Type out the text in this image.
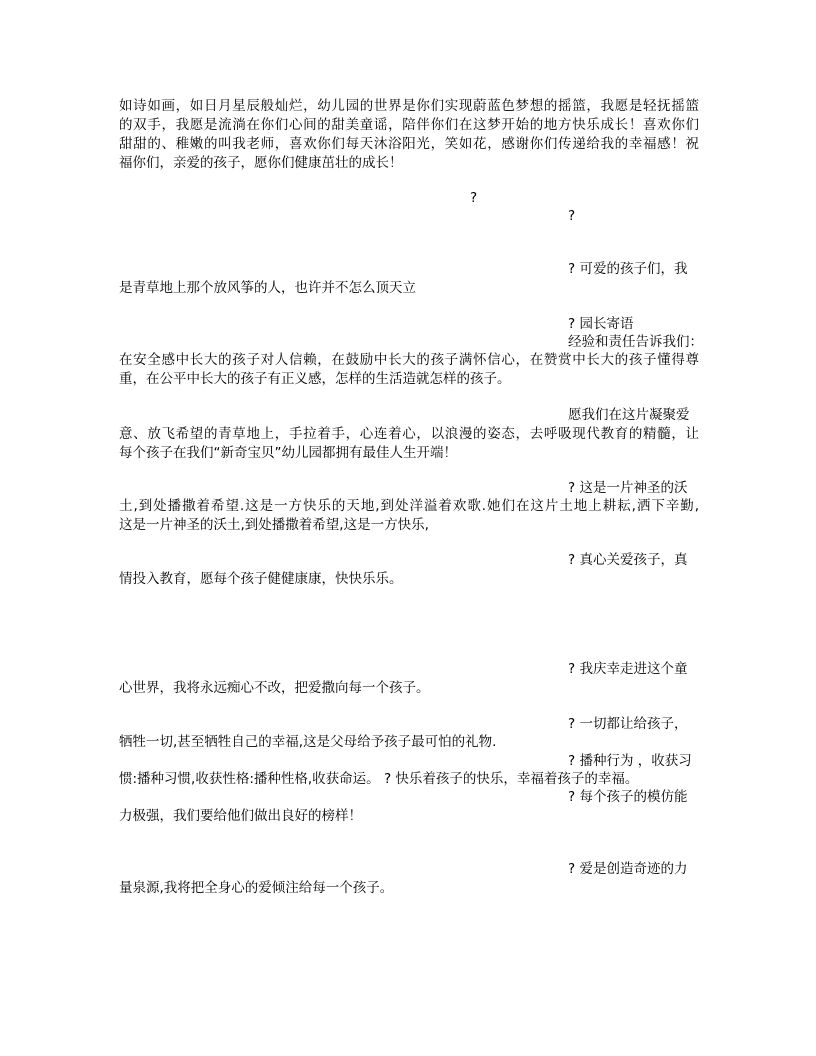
如诗如画，如日月星辰般灿烂，幼儿园的世界是你们实现蔚蓝色梦想的摇篮，我愿是轻抚摇篮
的双手，我愿是流淌在你们心间的甜美童谣，陪伴你们在这梦开始的地方快乐成长！喜欢你们
甜甜的、稚嫩的叫我老师，喜欢你们每天沐浴阳光，笑如花，感谢你们传递给我的幸福感！祝
福你们，亲爱的孩子，愿你们健康茁壮的成长！
?
?
? 可爱的孩子们，我
是青草地上那个放风筝的人，也许并不怎么顶天立
? 园长寄语
经验和责任告诉我们：
在安全感中长大的孩子对人信赖，在鼓励中长大的孩子满怀信心，在赞赏中长大的孩子懂得尊
重，在公平中长大的孩子有正义感，怎样的生活造就怎样的孩子。
愿我们在这片凝聚爱
意、放飞希望的青草地上，手拉着手，心连着心，以浪漫的姿态，去呼吸现代教育的精髓，让
每个孩子在我们“新奇宝贝”幼儿园都拥有最佳人生开端！
? 这是一片神圣的沃
土,到处播撒着希望.这是一方快乐的天地,到处洋溢着欢歌.她们在这片土地上耕耘,洒下辛勤,
这是一片神圣的沃土,到处播撒着希望,这是一方快乐,
? 真心关爱孩子，真
情投入教育，愿每个孩子健健康康，快快乐乐。
? 我庆幸走进这个童
心世界，我将永远痴心不改，把爱撒向每一个孩子。
? 一切都让给孩子，
牺牲一切,甚至牺牲自己的幸福,这是父母给予孩子最可怕的礼物.
? 播种行为 ，收获习
惯:播种习惯,收获性格:播种性格,收获命运。 ? 快乐着孩子的快乐，幸福着孩子的幸福。
? 每个孩子的模仿能
力极强，我们要给他们做出良好的榜样！
? 爱是创造奇迹的力
量泉源,我将把全身心的爱倾注给每一个孩子。
